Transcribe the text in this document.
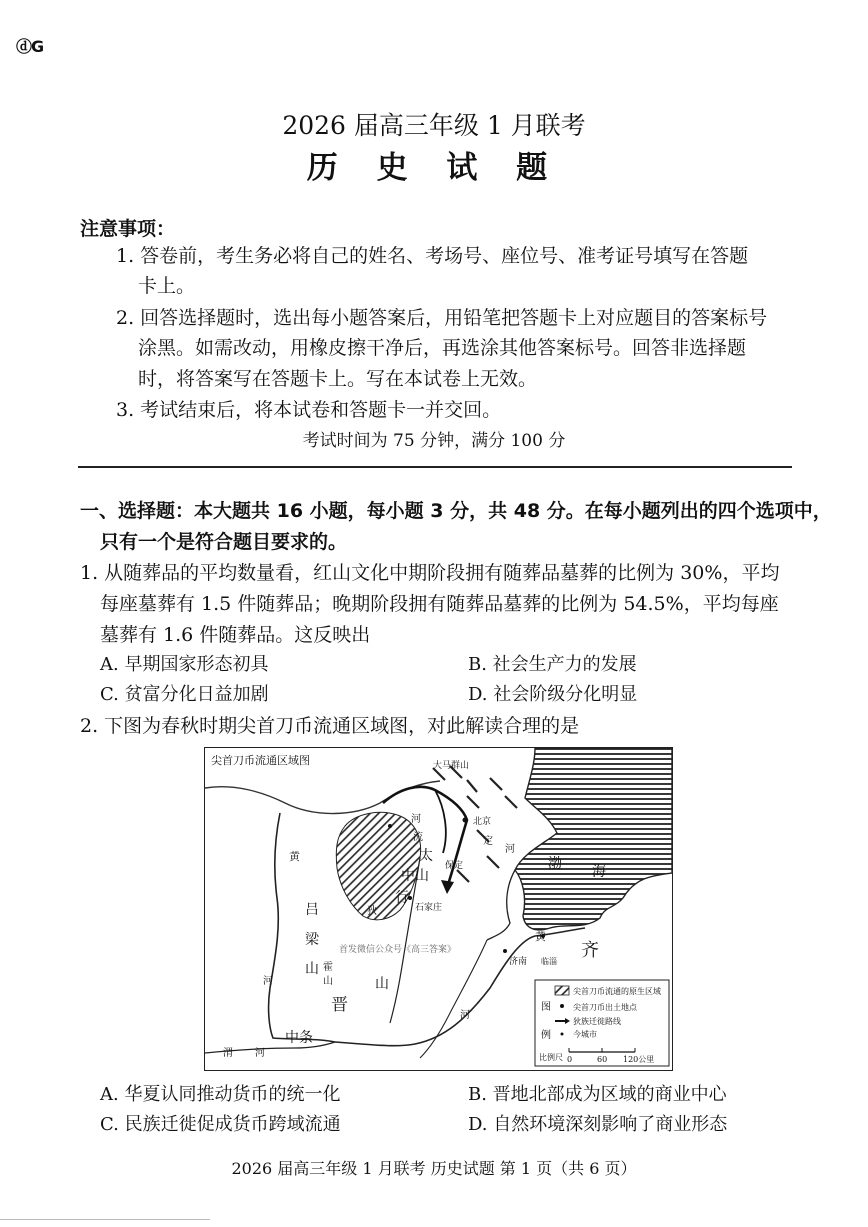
ⓓG
2026 届高三年级 1 月联考
历 史 试 题
注意事项：
1. 答卷前，考生务必将自己的姓名、考场号、座位号、准考证号填写在答题
卡上。
2. 回答选择题时，选出每小题答案后，用铅笔把答题卡上对应题目的答案标号
涂黑。如需改动，用橡皮擦干净后，再选涂其他答案标号。回答非选择题
时，将答案写在答题卡上。写在本试卷上无效。
3. 考试结束后，将本试卷和答题卡一并交回。
考试时间为 75 分钟，满分 100 分
一、选择题：本大题共 16 小题，每小题 3 分，共 48 分。在每小题列出的四个选项中，
只有一个是符合题目要求的。
1. 从随葬品的平均数量看，红山文化中期阶段拥有随葬品墓葬的比例为 30%，平均
每座墓葬有 1.5 件随葬品；晚期阶段拥有随葬品墓葬的比例为 54.5%，平均每座
墓葬有 1.6 件随葬品。这反映出
A. 早期国家形态初具	B. 社会生产力的发展
C. 贫富分化日益加剧	D. 社会阶级分化明显
2. 下图为春秋时期尖首刀币流通区域图，对此解读合理的是
尖首刀币流通区域图	大马群山
北京
河
流	定
河
渤 海
黄	太
中山
保定
石家庄
行
狄
吕
梁
山 霍
山	山
晋
中条
河
河
河
渭
黄
济南
齐
临淄
首发微信公众号《高三答案》
图
例
尖首刀币流通的原生区域
尖首刀币出土地点
狄族迁徙路线
今城市
比例尺 0	60 120公里
A. 华夏认同推动货币的统一化	B. 晋地北部成为区域的商业中心
C. 民族迁徙促成货币跨域流通	D. 自然环境深刻影响了商业形态
2026 届高三年级 1 月联考 历史试题 第 1 页（共 6 页）
